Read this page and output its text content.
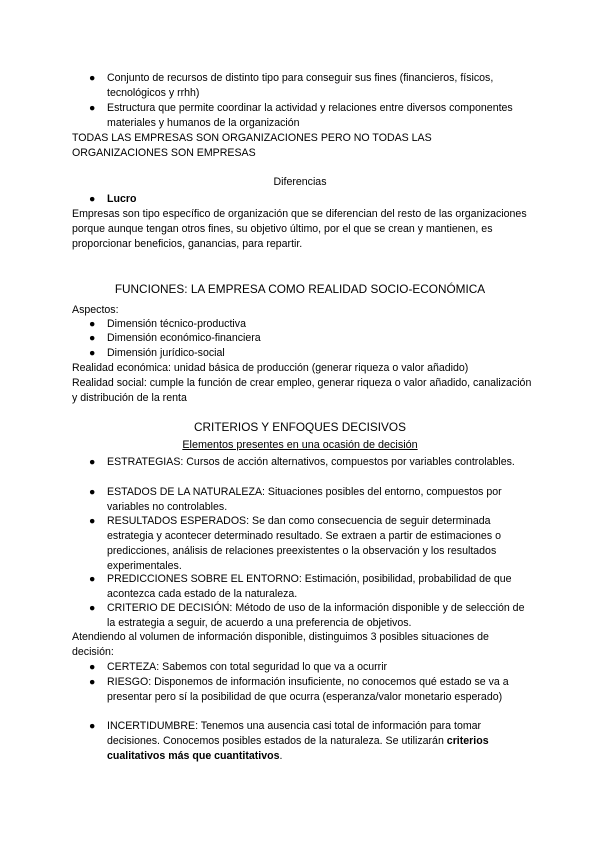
●	Conjunto de recursos de distinto tipo para conseguir sus fines (financieros, físicos, tecnológicos y rrhh)
●	Estructura que permite coordinar la actividad y relaciones entre diversos componentes materiales y humanos de la organización

TODAS LAS EMPRESAS SON ORGANIZACIONES PERO NO TODAS LAS ORGANIZACIONES SON EMPRESAS

Diferencias

●	Lucro

Empresas son tipo específico de organización que se diferencian del resto de las organizaciones porque aunque tengan otros fines, su objetivo último, por el que se crean y mantienen, es proporcionar beneficios, ganancias, para repartir.

FUNCIONES: LA EMPRESA COMO REALIDAD SOCIO-ECONÓMICA

Aspectos:

●	Dimensión técnico-productiva
●	Dimensión económico-financiera
●	Dimensión jurídico-social

Realidad económica: unidad básica de producción (generar riqueza o valor añadido)

Realidad social: cumple la función de crear empleo, generar riqueza o valor añadido, canalización y distribución de la renta

CRITERIOS Y ENFOQUES DECISIVOS

Elementos presentes en una ocasión de decisión

●	ESTRATEGIAS: Cursos de acción alternativos, compuestos por variables controlables.
●	ESTADOS DE LA NATURALEZA: Situaciones posibles del entorno, compuestos por variables no controlables.
●	RESULTADOS ESPERADOS: Se dan como consecuencia de seguir determinada estrategia y acontecer determinado resultado. Se extraen a partir de estimaciones o predicciones, análisis de relaciones preexistentes o la observación y los resultados experimentales.
●	PREDICCIONES SOBRE EL ENTORNO: Estimación, posibilidad, probabilidad de que acontezca cada estado de la naturaleza.
●	CRITERIO DE DECISIÓN: Método de uso de la información disponible y de selección de la estrategia a seguir, de acuerdo a una preferencia de objetivos.

Atendiendo al volumen de información disponible, distinguimos 3 posibles situaciones de decisión:

●	CERTEZA: Sabemos con total seguridad lo que va a ocurrir
●	RIESGO: Disponemos de información insuficiente, no conocemos qué estado se va a presentar pero sí la posibilidad de que ocurra (esperanza/valor monetario esperado)
●	INCERTIDUMBRE: Tenemos una ausencia casi total de información para tomar decisiones. Conocemos posibles estados de la naturaleza. Se utilizarán criterios cualitativos más que cuantitativos.
